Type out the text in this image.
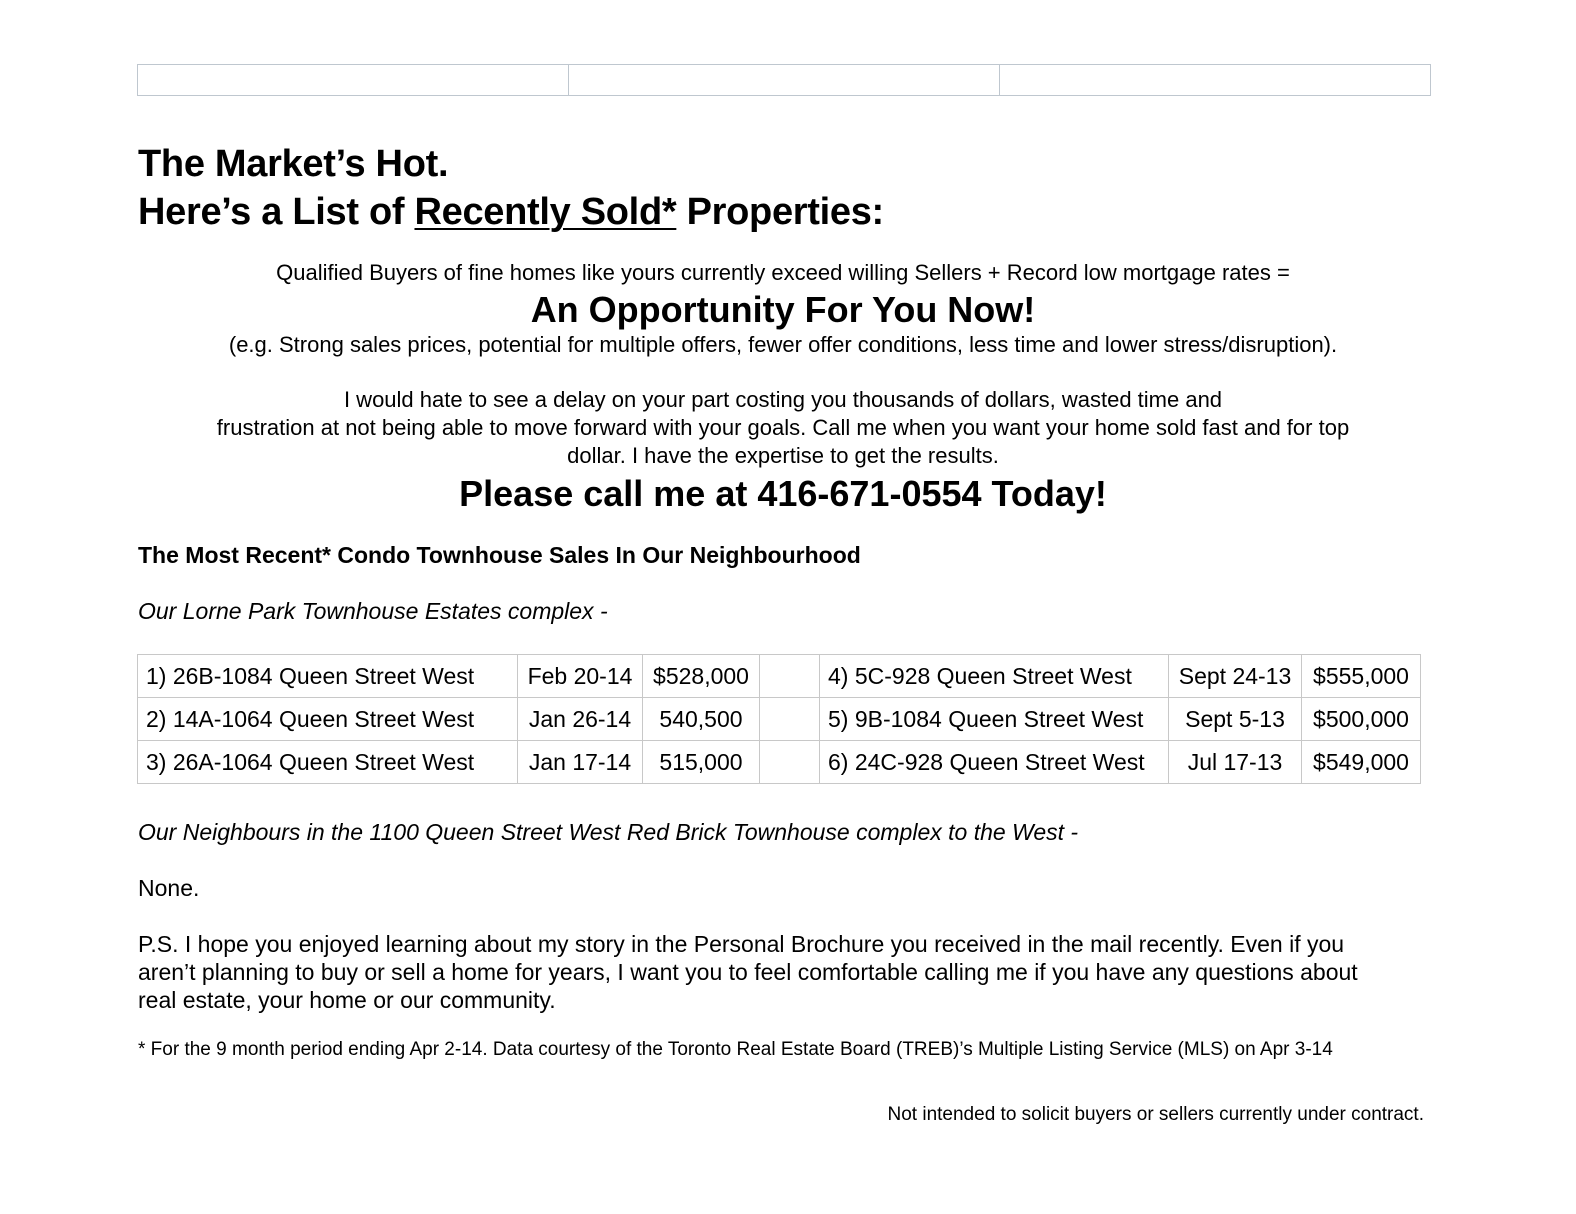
The Market’s Hot.
Here’s a List of Recently Sold* Properties:
Qualified Buyers of fine homes like yours currently exceed willing Sellers + Record low mortgage rates =
An Opportunity For You Now!
(e.g. Strong sales prices, potential for multiple offers, fewer offer conditions, less time and lower stress/disruption).
I would hate to see a delay on your part costing you thousands of dollars, wasted time and
frustration at not being able to move forward with your goals. Call me when you want your home sold fast and for top
dollar. I have the expertise to get the results.
Please call me at 416-671-0554 Today!
The Most Recent* Condo Townhouse Sales In Our Neighbourhood
Our Lorne Park Townhouse Estates complex -
1) 26B-1084 Queen Street West	Feb 20-14	$528,000		4) 5C-928 Queen Street West	Sept 24-13	$555,000
2) 14A-1064 Queen Street West	Jan 26-14	540,500		5) 9B-1084 Queen Street West	Sept 5-13	$500,000
3) 26A-1064 Queen Street West	Jan 17-14	515,000		6) 24C-928 Queen Street West	Jul 17-13	$549,000
Our Neighbours in the 1100 Queen Street West Red Brick Townhouse complex to the West -
None.
P.S. I hope you enjoyed learning about my story in the Personal Brochure you received in the mail recently. Even if you
aren’t planning to buy or sell a home for years, I want you to feel comfortable calling me if you have any questions about
real estate, your home or our community.
* For the 9 month period ending Apr 2-14. Data courtesy of the Toronto Real Estate Board (TREB)’s Multiple Listing Service (MLS) on Apr 3-14
Not intended to solicit buyers or sellers currently under contract.
